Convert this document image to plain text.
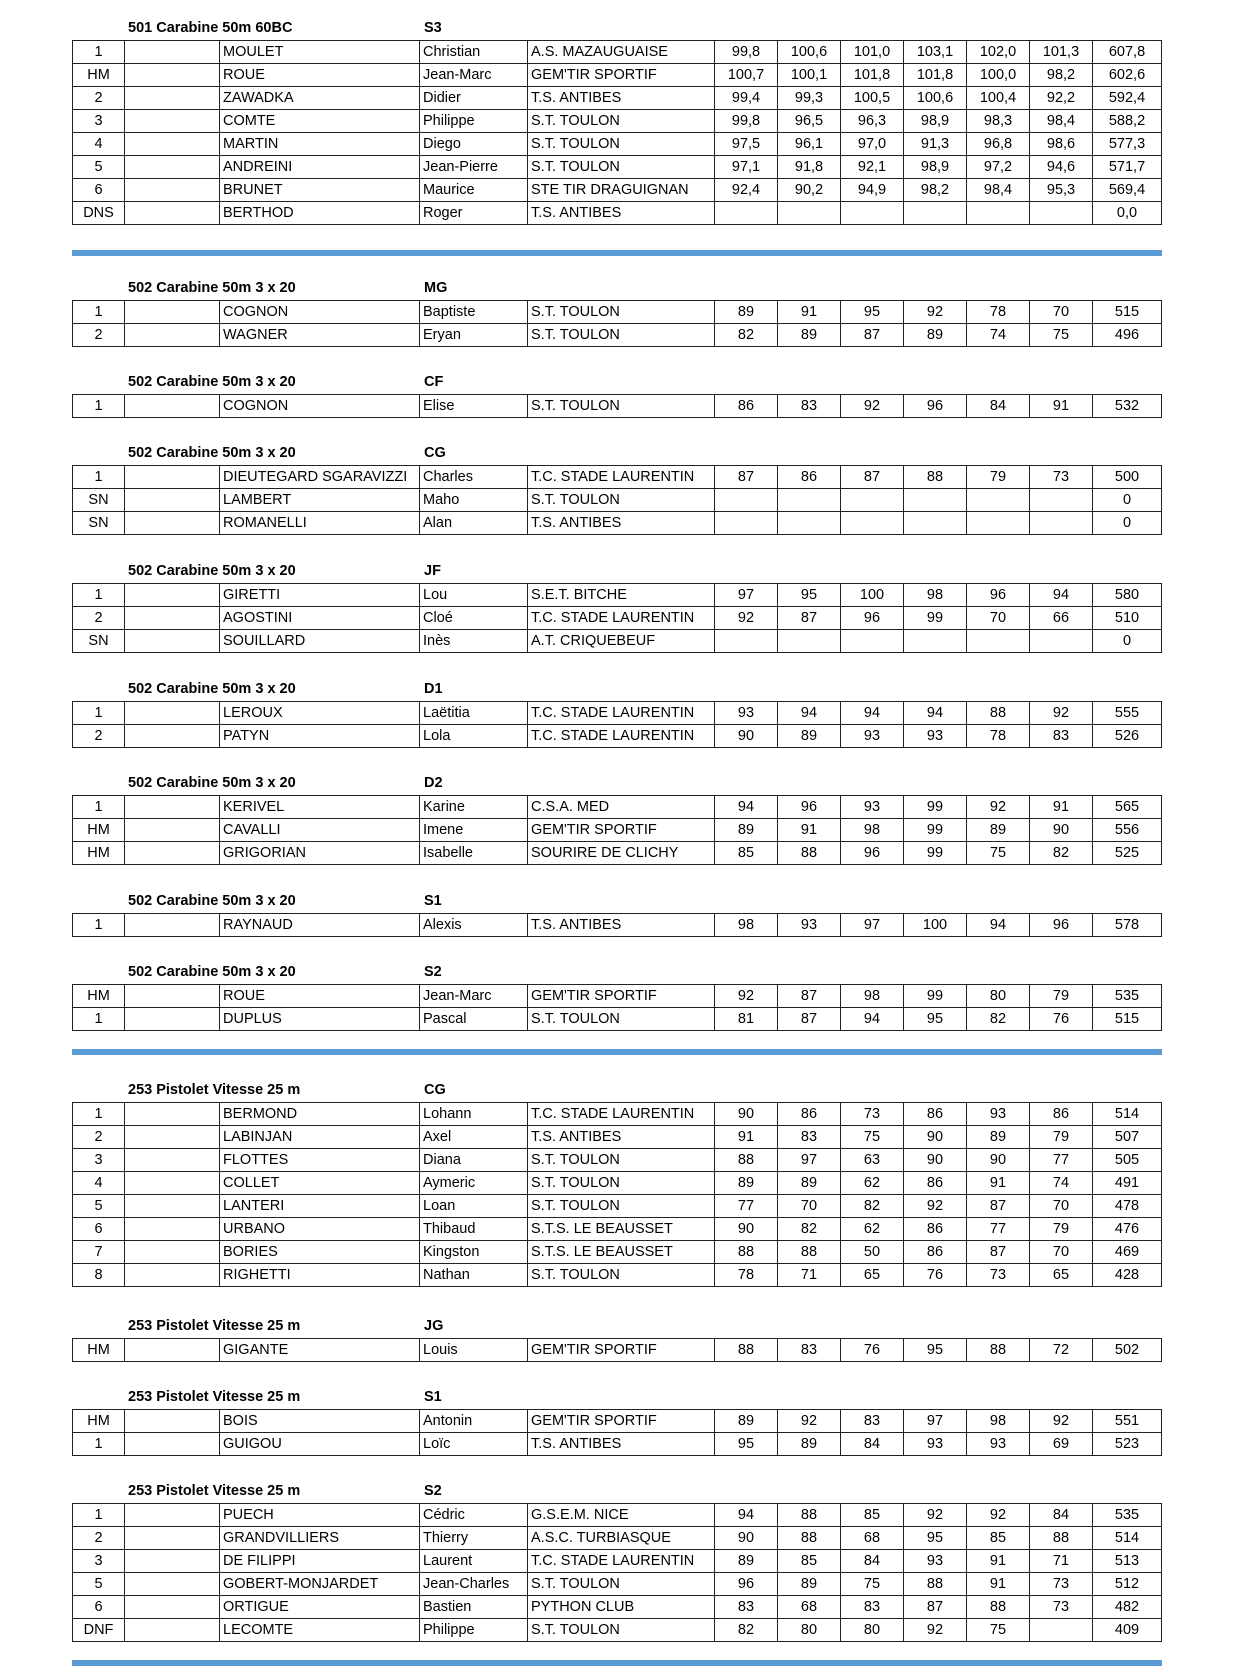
501 Carabine 50m 60BC	S3
1		MOULET	Christian	A.S. MAZAUGUAISE	99,8	100,6	101,0	103,1	102,0	101,3	607,8
HM		ROUE	Jean-Marc	GEM'TIR SPORTIF	100,7	100,1	101,8	101,8	100,0	98,2	602,6
2		ZAWADKA	Didier	T.S. ANTIBES	99,4	99,3	100,5	100,6	100,4	92,2	592,4
3		COMTE	Philippe	S.T. TOULON	99,8	96,5	96,3	98,9	98,3	98,4	588,2
4		MARTIN	Diego	S.T. TOULON	97,5	96,1	97,0	91,3	96,8	98,6	577,3
5		ANDREINI	Jean-Pierre	S.T. TOULON	97,1	91,8	92,1	98,9	97,2	94,6	571,7
6		BRUNET	Maurice	STE TIR DRAGUIGNAN	92,4	90,2	94,9	98,2	98,4	95,3	569,4
DNS		BERTHOD	Roger	T.S. ANTIBES							0,0
502 Carabine 50m 3 x 20	MG
1		COGNON	Baptiste	S.T. TOULON	89	91	95	92	78	70	515
2		WAGNER	Eryan	S.T. TOULON	82	89	87	89	74	75	496
502 Carabine 50m 3 x 20	CF
1		COGNON	Elise	S.T. TOULON	86	83	92	96	84	91	532
502 Carabine 50m 3 x 20	CG
1		DIEUTEGARD SGARAVIZZI	Charles	T.C. STADE LAURENTIN	87	86	87	88	79	73	500
SN		LAMBERT	Maho	S.T. TOULON							0
SN		ROMANELLI	Alan	T.S. ANTIBES							0
502 Carabine 50m 3 x 20	JF
1		GIRETTI	Lou	S.E.T. BITCHE	97	95	100	98	96	94	580
2		AGOSTINI	Cloé	T.C. STADE LAURENTIN	92	87	96	99	70	66	510
SN		SOUILLARD	Inès	A.T. CRIQUEBEUF							0
502 Carabine 50m 3 x 20	D1
1		LEROUX	Laëtitia	T.C. STADE LAURENTIN	93	94	94	94	88	92	555
2		PATYN	Lola	T.C. STADE LAURENTIN	90	89	93	93	78	83	526
502 Carabine 50m 3 x 20	D2
1		KERIVEL	Karine	C.S.A. MED	94	96	93	99	92	91	565
HM		CAVALLI	Imene	GEM'TIR SPORTIF	89	91	98	99	89	90	556
HM		GRIGORIAN	Isabelle	SOURIRE DE CLICHY	85	88	96	99	75	82	525
502 Carabine 50m 3 x 20	S1
1		RAYNAUD	Alexis	T.S. ANTIBES	98	93	97	100	94	96	578
502 Carabine 50m 3 x 20	S2
HM		ROUE	Jean-Marc	GEM'TIR SPORTIF	92	87	98	99	80	79	535
1		DUPLUS	Pascal	S.T. TOULON	81	87	94	95	82	76	515
253 Pistolet Vitesse 25 m	CG
1		BERMOND	Lohann	T.C. STADE LAURENTIN	90	86	73	86	93	86	514
2		LABINJAN	Axel	T.S. ANTIBES	91	83	75	90	89	79	507
3		FLOTTES	Diana	S.T. TOULON	88	97	63	90	90	77	505
4		COLLET	Aymeric	S.T. TOULON	89	89	62	86	91	74	491
5		LANTERI	Loan	S.T. TOULON	77	70	82	92	87	70	478
6		URBANO	Thibaud	S.T.S. LE BEAUSSET	90	82	62	86	77	79	476
7		BORIES	Kingston	S.T.S. LE BEAUSSET	88	88	50	86	87	70	469
8		RIGHETTI	Nathan	S.T. TOULON	78	71	65	76	73	65	428
253 Pistolet Vitesse 25 m	JG
HM		GIGANTE	Louis	GEM'TIR SPORTIF	88	83	76	95	88	72	502
253 Pistolet Vitesse 25 m	S1
HM		BOIS	Antonin	GEM'TIR SPORTIF	89	92	83	97	98	92	551
1		GUIGOU	Loïc	T.S. ANTIBES	95	89	84	93	93	69	523
253 Pistolet Vitesse 25 m	S2
1		PUECH	Cédric	G.S.E.M. NICE	94	88	85	92	92	84	535
2		GRANDVILLIERS	Thierry	A.S.C. TURBIASQUE	90	88	68	95	85	88	514
3		DE FILIPPI	Laurent	T.C. STADE LAURENTIN	89	85	84	93	91	71	513
5		GOBERT-MONJARDET	Jean-Charles	S.T. TOULON	96	89	75	88	91	73	512
6		ORTIGUE	Bastien	PYTHON CLUB	83	68	83	87	88	73	482
DNF		LECOMTE	Philippe	S.T. TOULON	82	80	80	92	75		409
